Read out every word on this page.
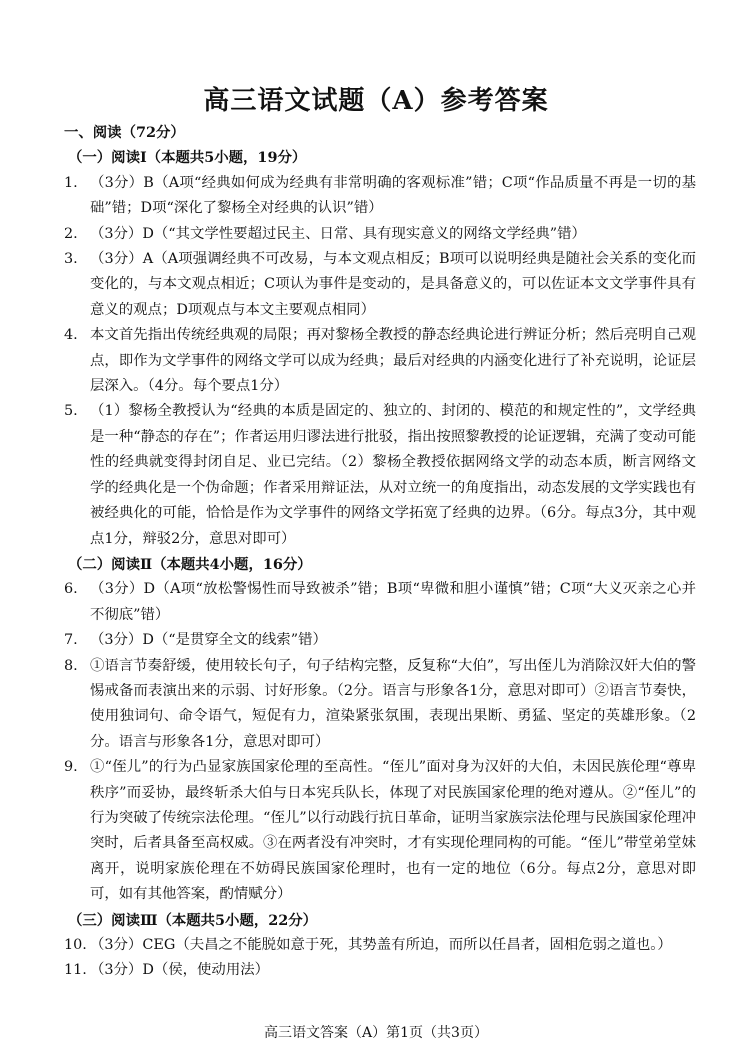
高三语文试题（A）参考答案

一、阅读（72分）

（一）阅读Ⅰ（本题共5小题，19分）

1. （3分）B（A项“经典如何成为经典有非常明确的客观标准”错；C项“作品质量不再是一切的基础”错；D项“深化了黎杨全对经典的认识”错）
2. （3分）D（“其文学性要超过民主、日常、具有现实意义的网络文学经典”错）
3. （3分）A（A项强调经典不可改易，与本文观点相反；B项可以说明经典是随社会关系的变化而变化的，与本文观点相近；C项认为事件是变动的，是具备意义的，可以佐证本文文学事件具有意义的观点；D项观点与本文主要观点相同）
4. 本文首先指出传统经典观的局限；再对黎杨全教授的静态经典论进行辨证分析；然后亮明自己观点，即作为文学事件的网络文学可以成为经典；最后对经典的内涵变化进行了补充说明，论证层层深入。（4分。每个要点1分）
5. （1）黎杨全教授认为“经典的本质是固定的、独立的、封闭的、模范的和规定性的”，文学经典是一种“静态的存在”；作者运用归谬法进行批驳，指出按照黎教授的论证逻辑，充满了变动可能性的经典就变得封闭自足、业已完结。（2）黎杨全教授依据网络文学的动态本质，断言网络文学的经典化是一个伪命题；作者采用辩证法，从对立统一的角度指出，动态发展的文学实践也有被经典化的可能，恰恰是作为文学事件的网络文学拓宽了经典的边界。（6分。每点3分，其中观点1分，辩驳2分，意思对即可）

（二）阅读Ⅱ（本题共4小题，16分）

6. （3分）D（A项“放松警惕性而导致被杀”错；B项“卑微和胆小谨慎”错；C项“大义灭亲之心并不彻底”错）
7. （3分）D（“是贯穿全文的线索”错）
8. ①语言节奏舒缓，使用较长句子，句子结构完整，反复称“大伯”，写出侄儿为消除汉奸大伯的警惕戒备而表演出来的示弱、讨好形象。（2分。语言与形象各1分，意思对即可）②语言节奏快，使用独词句、命令语气，短促有力，渲染紧张氛围，表现出果断、勇猛、坚定的英雄形象。（2分。语言与形象各1分，意思对即可）
9. ①“侄儿”的行为凸显家族国家伦理的至高性。“侄儿”面对身为汉奸的大伯，未因民族伦理“尊卑秩序”而妥协，最终斩杀大伯与日本宪兵队长，体现了对民族国家伦理的绝对遵从。②“侄儿”的行为突破了传统宗法伦理。“侄儿”以行动践行抗日革命，证明当家族宗法伦理与民族国家伦理冲突时，后者具备至高权威。③在两者没有冲突时，才有实现伦理同构的可能。“侄儿”带堂弟堂妹离开，说明家族伦理在不妨碍民族国家伦理时，也有一定的地位（6分。每点2分，意思对即可，如有其他答案，酌情赋分）

（三）阅读Ⅲ（本题共5小题，22分）

10. （3分）CEG（夫昌之不能脱如意于死，其势盖有所迫，而所以任昌者，固相危弱之道也。）
11. （3分）D（侯，使动用法）
高三语文答案（A）第1页（共3页）
